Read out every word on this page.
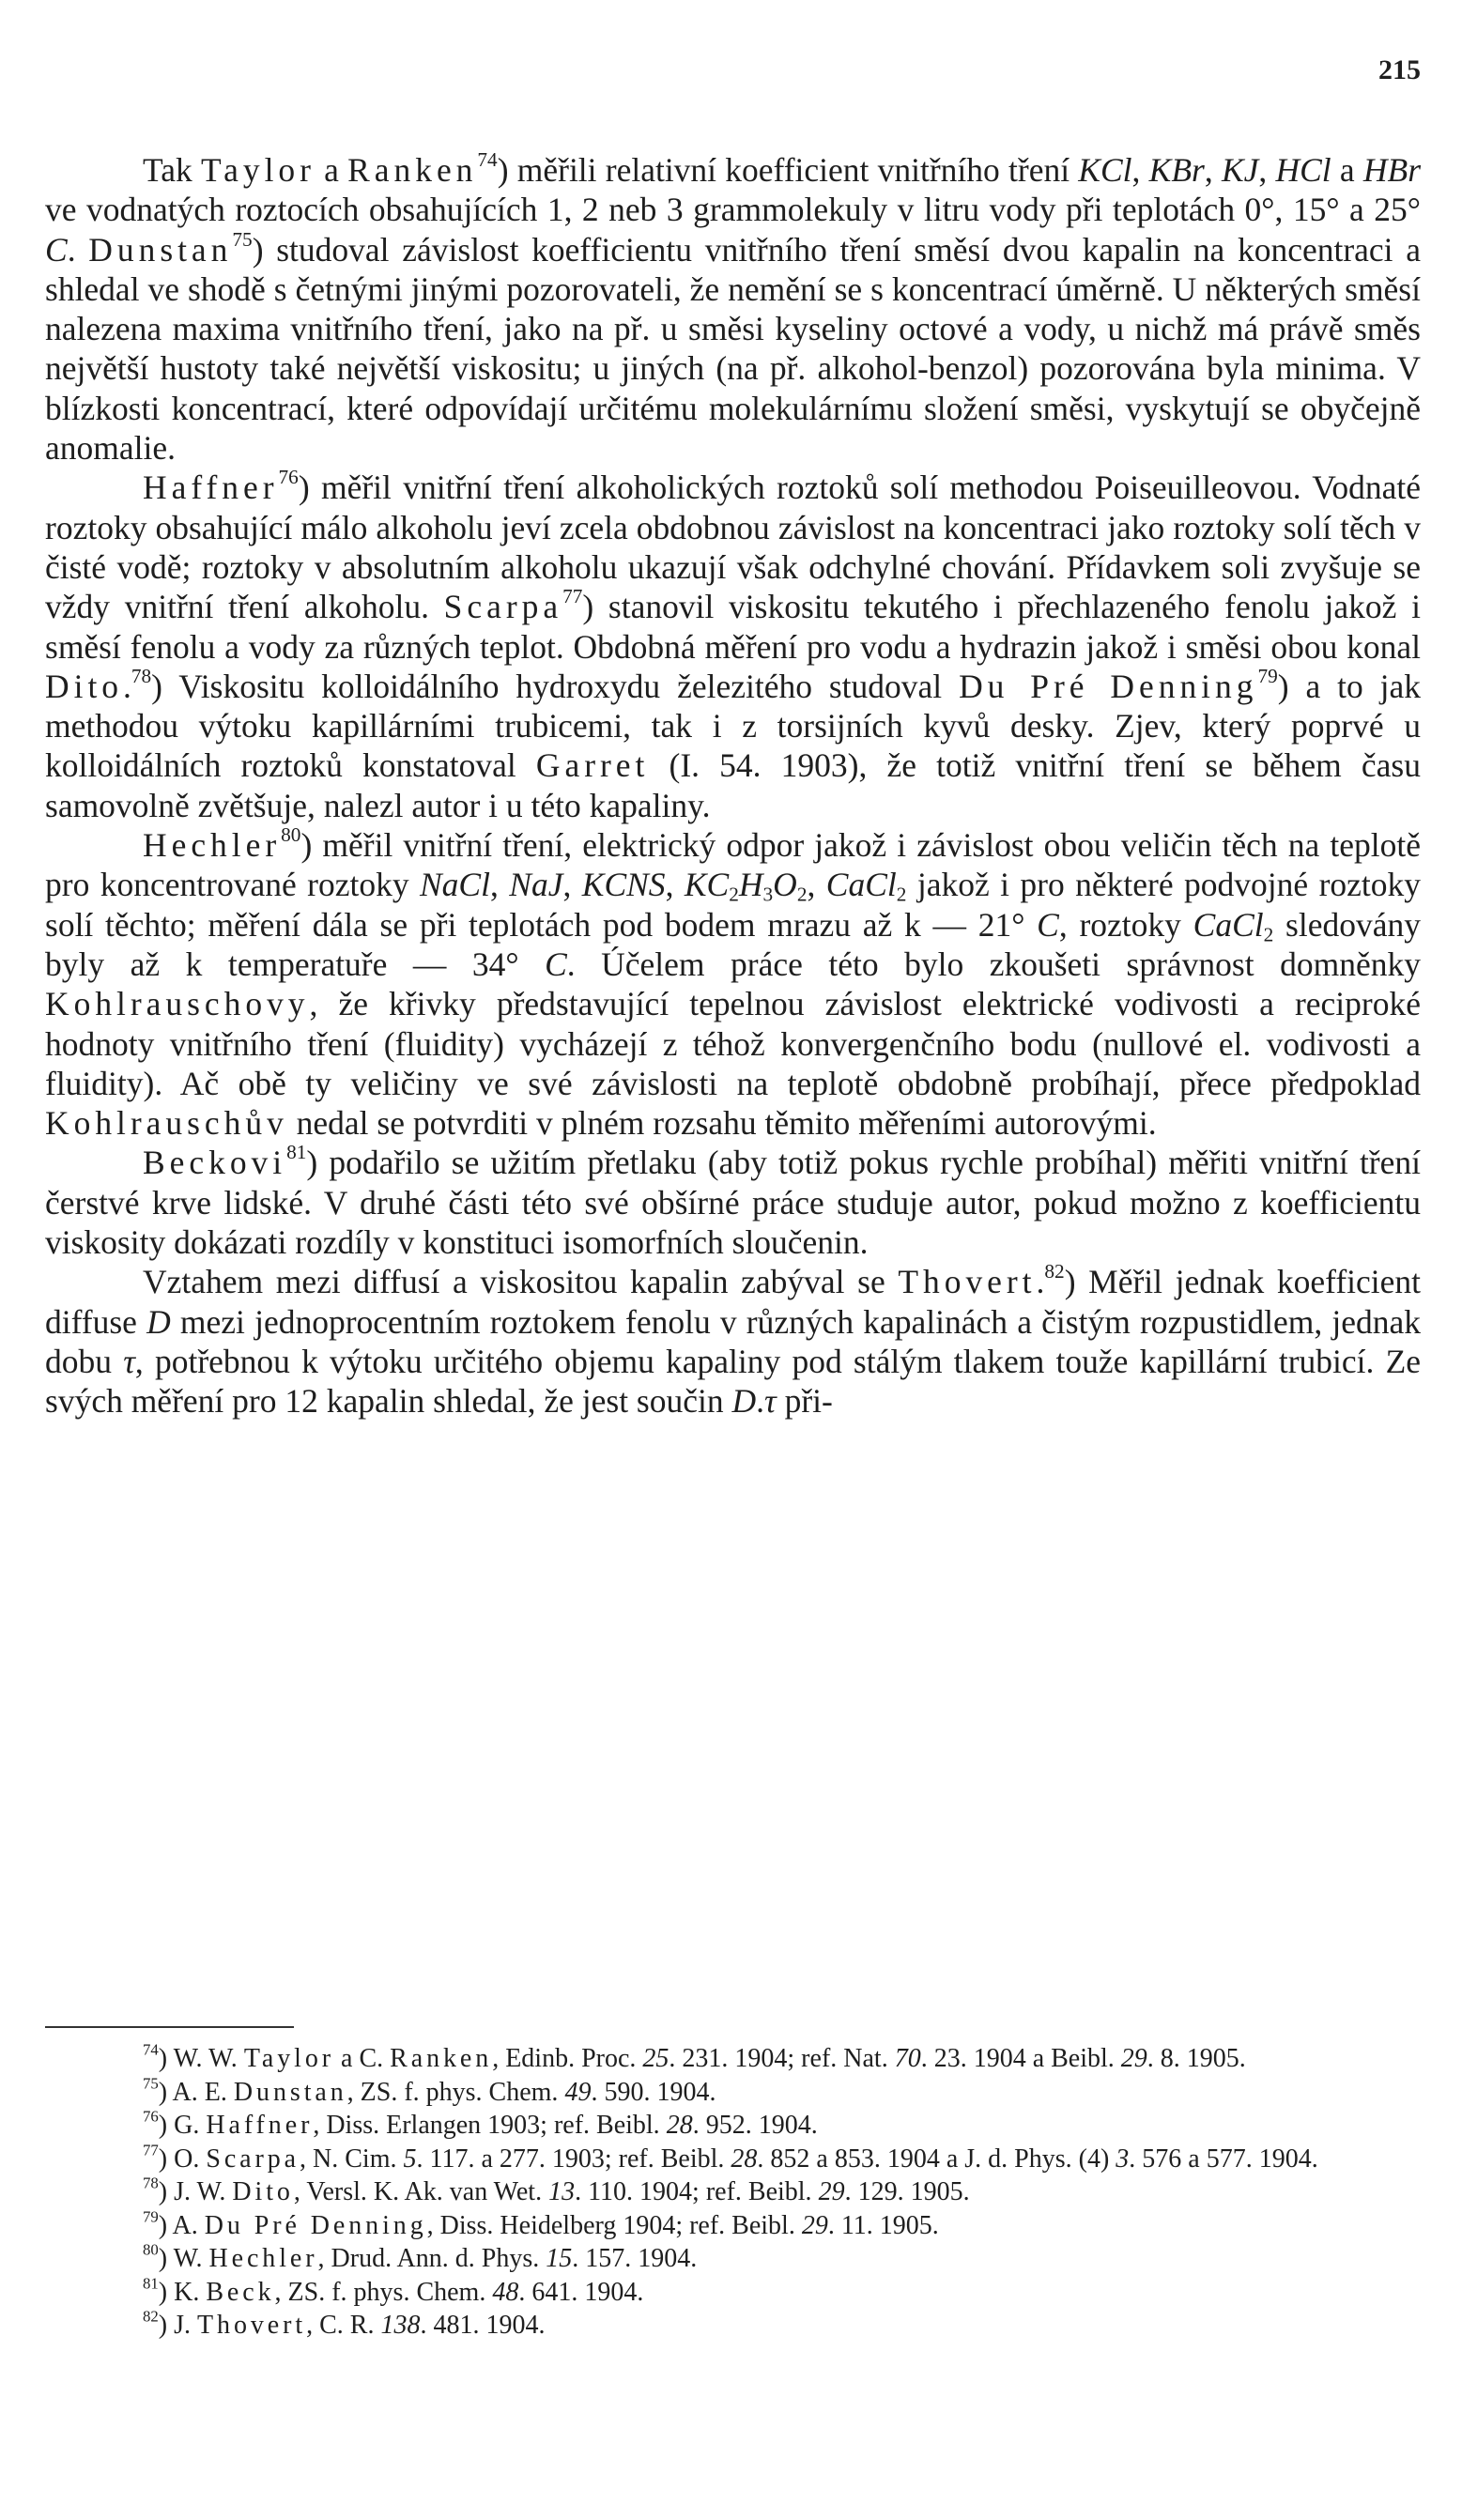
215

Tak Taylor a Ranken$^{74}$) měřili relativní koefficient vnitřního tření KCl, KBr, KJ, HCl a HBr ve vodnatých roztocích obsahujících 1, 2 neb 3 grammolekuly v litru vody při teplotách 0°, 15° a 25° C. Dunstan$^{75}$) studoval závislost koefficientu vnitřního tření směsí dvou kapalin na koncentraci a shledal ve shodě s četnými jinými pozorovateli, že nemění se s koncentrací úměrně. U některých směsí nalezena maxima vnitřního tření, jako na př. u směsi kyseliny octové a vody, u nichž má právě směs největší hustoty také největší viskositu; u jiných (na př. alkohol-benzol) pozorována byla minima. V blízkosti koncentrací, které odpovídají určitému molekulárnímu složení směsi, vyskytují se obyčejně anomalie.

Haffner$^{76}$) měřil vnitřní tření alkoholických roztoků solí methodou Poiseuilleovou. Vodnaté roztoky obsahující málo alkoholu jeví zcela obdobnou závislost na koncentraci jako roztoky solí těch v čisté vodě; roztoky v absolutním alkoholu ukazují však odchylné chování. Přídavkem soli zvyšuje se vždy vnitřní tření alkoholu. Scarpa$^{77}$) stanovil viskositu tekutého i přechlazeného fenolu jakož i směsí fenolu a vody za různých teplot. Obdobná měření pro vodu a hydrazin jakož i směsi obou konal Dito.$^{78}$) Viskositu kolloidálního hydroxydu železitého studoval Du Pré Denning$^{79}$) a to jak methodou výtoku kapillárními trubicemi, tak i z torsijních kyvů desky. Zjev, který poprvé u kolloidálních roztoků konstatoval Garret (I. 54. 1903), že totiž vnitřní tření se během času samovolně zvětšuje, nalezl autor i u této kapaliny.

Hechler$^{80}$) měřil vnitřní tření, elektrický odpor jakož i závislost obou veličin těch na teplotě pro koncentrované roztoky NaCl, NaJ, KCNS, $KC_2H_3O_2$, CaCl$_2$ jakož i pro některé podvojné roztoky solí těchto; měření dála se při teplotách pod bodem mrazu až k — 21° C, roztoky CaCl$_2$ sledovány byly až k temperatuře — 34° C. Účelem práce této bylo zkoušeti správnost domněnky Kohlrauschovy, že křivky představující tepelnou závislost elektrické vodivosti a reciproké hodnoty vnitřního tření (fluidity) vycházejí z téhož konvergenčního bodu (nullové el. vodivosti a fluidity). Ač obě ty veličiny ve své závislosti na teplotě obdobně probíhají, přece předpoklad Kohlrauschův nedal se potvrditi v plném rozsahu těmito měřeními autorovými.

Beckovi$^{81}$) podařilo se užitím přetlaku (aby totiž pokus rychle probíhal) měřiti vnitřní tření čerstvé krve lidské. V druhé části této své obšírné práce studuje autor, pokud možno z koefficientu viskosity dokázati rozdíly v konstituci isomorfních sloučenin.

Vztahem mezi diffusí a viskositou kapalin zabýval se Thovert.$^{82}$) Měřil jednak koefficient diffuse D mezi jednoprocentním roztokem fenolu v různých kapalinách a čistým rozpustidlem, jednak dobu τ, potřebnou k výtoku určitého objemu kapaliny pod stálým tlakem touže kapillární trubicí. Ze svých měření pro 12 kapalin shledal, že jest součin D.τ při-

$^{74}$) W. W. Taylor a C. Ranken, Edinb. Proc. 25. 231. 1904; ref. Nat. 70. 23. 1904 a Beibl. 29. 8. 1905.

$^{75}$) A. E. Dunstan, ZS. f. phys. Chem. 49. 590. 1904.

$^{76}$) G. Haffner, Diss. Erlangen 1903; ref. Beibl. 28. 952. 1904.

$^{77}$) O. Scarpa, N. Cim. 5. 117. a 277. 1903; ref. Beibl. 28. 852 a 853. 1904 a J. d. Phys. (4) 3. 576 a 577. 1904.

$^{78}$) J. W. Dito, Versl. K. Ak. van Wet. 13. 110. 1904; ref. Beibl. 29. 129. 1905.

$^{79}$) A. Du Pré Denning, Diss. Heidelberg 1904; ref. Beibl. 29. 11. 1905.

$^{80}$) W. Hechler, Drud. Ann. d. Phys. 15. 157. 1904.

$^{81}$) K. Beck, ZS. f. phys. Chem. 48. 641. 1904.

$^{82}$) J. Thovert, C. R. 138. 481. 1904.
